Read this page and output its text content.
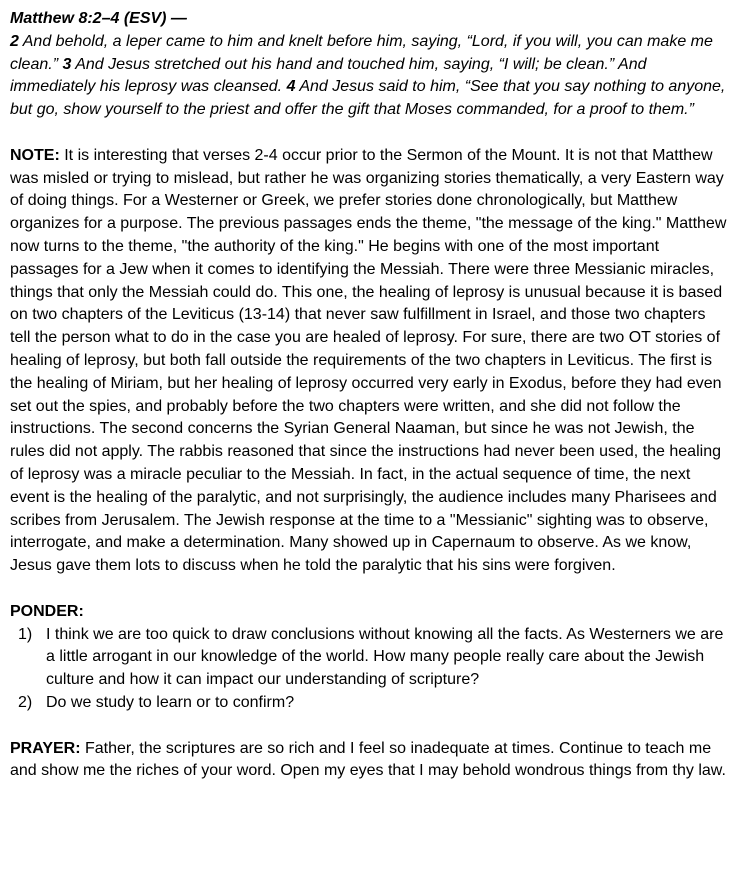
Matthew 8:2–4 (ESV) —
2 And behold, a leper came to him and knelt before him, saying, “Lord, if you will, you can make me clean.” 3 And Jesus stretched out his hand and touched him, saying, “I will; be clean.” And immediately his leprosy was cleansed. 4 And Jesus said to him, “See that you say nothing to anyone, but go, show yourself to the priest and offer the gift that Moses commanded, for a proof to them.”

NOTE: It is interesting that verses 2-4 occur prior to the Sermon of the Mount. It is not that Matthew was misled or trying to mislead, but rather he was organizing stories thematically, a very Eastern way of doing things. For a Westerner or Greek, we prefer stories done chronologically, but Matthew organizes for a purpose. The previous passages ends the theme, "the message of the king." Matthew now turns to the theme, "the authority of the king." He begins with one of the most important passages for a Jew when it comes to identifying the Messiah. There were three Messianic miracles, things that only the Messiah could do. This one, the healing of leprosy is unusual because it is based on two chapters of the Leviticus (13-14) that never saw fulfillment in Israel, and those two chapters tell the person what to do in the case you are healed of leprosy. For sure, there are two OT stories of healing of leprosy, but both fall outside the requirements of the two chapters in Leviticus. The first is the healing of Miriam, but her healing of leprosy occurred very early in Exodus, before they had even set out the spies, and probably before the two chapters were written, and she did not follow the instructions. The second concerns the Syrian General Naaman, but since he was not Jewish, the rules did not apply. The rabbis reasoned that since the instructions had never been used, the healing of leprosy was a miracle peculiar to the Messiah. In fact, in the actual sequence of time, the next event is the healing of the paralytic, and not surprisingly, the audience includes many Pharisees and scribes from Jerusalem. The Jewish response at the time to a "Messianic" sighting was to observe, interrogate, and make a determination. Many showed up in Capernaum to observe. As we know, Jesus gave them lots to discuss when he told the paralytic that his sins were forgiven.

PONDER:
1) I think we are too quick to draw conclusions without knowing all the facts. As Westerners we are a little arrogant in our knowledge of the world. How many people really care about the Jewish culture and how it can impact our understanding of scripture?
2) Do we study to learn or to confirm?

PRAYER: Father, the scriptures are so rich and I feel so inadequate at times. Continue to teach me and show me the riches of your word. Open my eyes that I may behold wondrous things from thy law.
